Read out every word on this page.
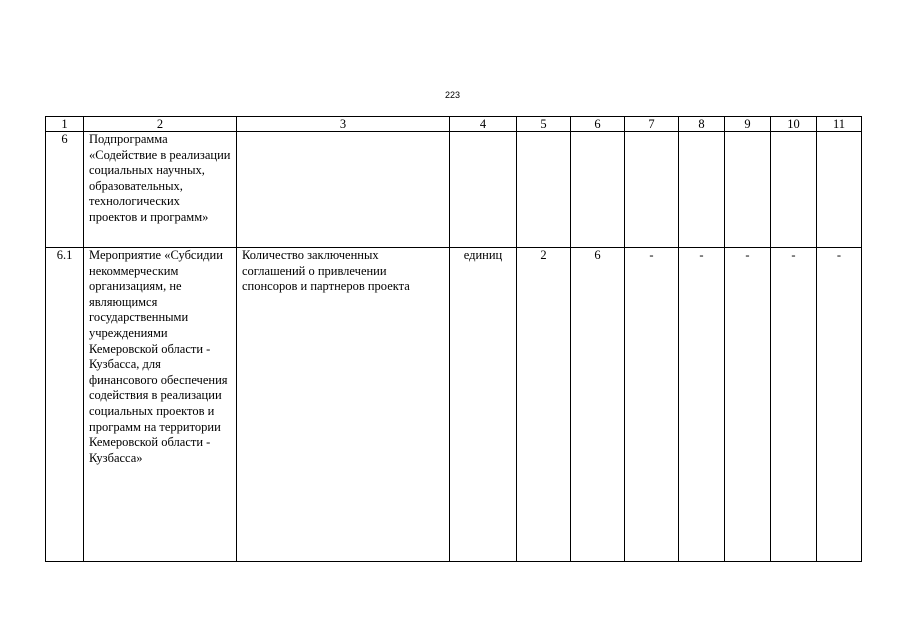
223
1	2	3	4	5	6	7	8	9	10	11
6	Подпрограмма «Содействие в реализации социальных научных, образовательных, технологических проектов и программ»									
6.1	Мероприятие «Субсидии некоммерческим организациям, не являющимся государственными учреждениями Кемеровской области - Кузбасса, для финансового обеспечения содействия в реализации социальных проектов и программ на территории Кемеровской области - Кузбасса»	Количество заключенных соглашений о привлечении спонсоров и партнеров проекта	единиц	2	6	-	-	-	-	-
